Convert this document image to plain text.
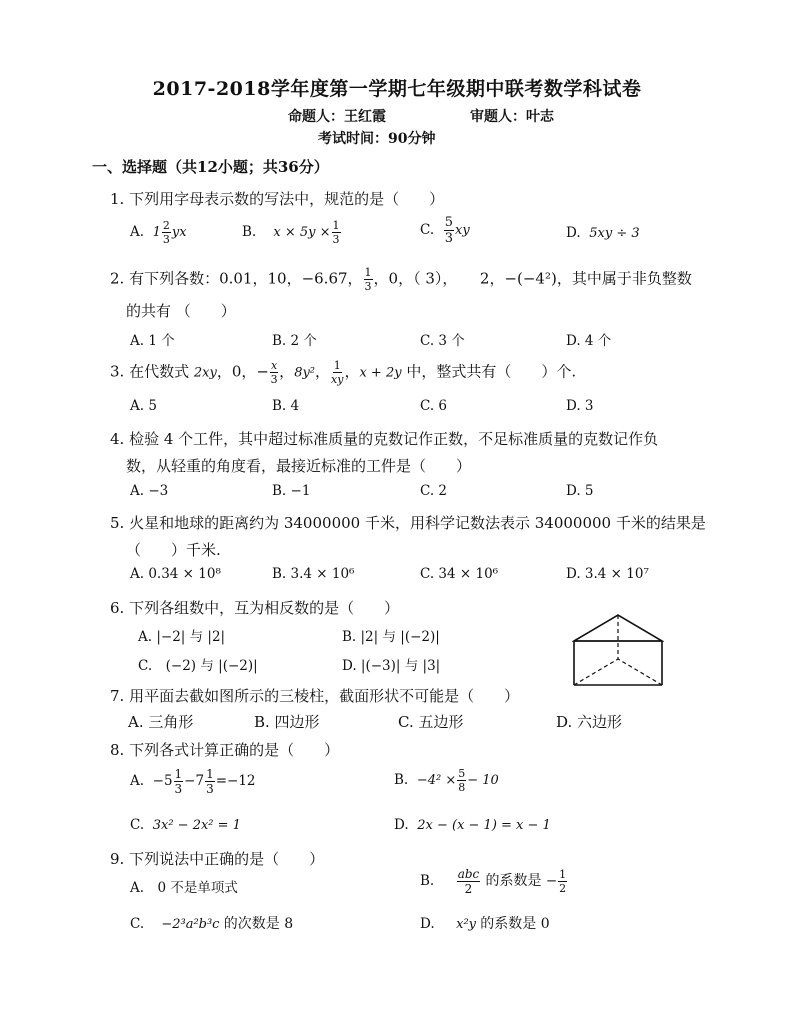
2017-2018学年度第一学期七年级期中联考数学科试卷
命题人：王红霞	审题人：叶志
考试时间：90分钟
一、选择题（共12小题；共36分）
1. 下列用字母表示数的写法中，规范的是（　　）
A. $1 \frac{2}{3}$ yx	B. $x \times 5y \times \frac{1}{3}$	C. $\frac{5}{3}$ xy	D. 5xy ÷ 3
2. 有下列各数：0.01，10，−6.67， $\frac{1}{3}$ ，0，（ 3），　　2，−(−4²)，其中属于非负整数
的共有 （　　）
A. 1 个	B. 2 个	C. 3 个	D. 4 个
3. 在代数式 2xy，0，− $\frac{x}{3}$ ，8y²， $\frac{1}{xy}$ ，x + 2y 中，整式共有（　　）个.
A. 5	B. 4	C. 6	D. 3
4. 检验 4 个工件，其中超过标准质量的克数记作正数，不足标准质量的克数记作负
数，从轻重的角度看，最接近标准的工件是（　　）
A. −3	B. −1	C. 2	D. 5
5. 火星和地球的距离约为 34000000 千米，用科学记数法表示 34000000 千米的结果是
（　　）千米.
A. 0.34 × 10⁸	B. 3.4 × 10⁶	C. 34 × 10⁶	D. 3.4 × 10⁷
6. 下列各组数中，互为相反数的是（　　）
A. |−2| 与 |2|	B. |2| 与 |(−2)|
C.　(−2) 与 |(−2)|	D. |(−3)| 与 |3|
7. 用平面去截如图所示的三棱柱，截面形状不可能是（　　）
A. 三角形	B. 四边形	C. 五边形	D. 六边形
8. 下列各式计算正确的是（　　）
A.  $-5 \frac{1}{3} -7 \frac{1}{3} =-12$	B. $-4^2 \times \frac{5}{8} - 10$
C. 3x² − 2x² = 1	D. 2x − (x − 1) = x − 1
9. 下列说法中正确的是（　　）
A.　0 不是单项式	B. $\frac{\text{abc}}{2}$ 的系数是 − $\frac{1}{2}$
C. −2³a²b³c 的次数是 8	D. x²y 的系数是 0
